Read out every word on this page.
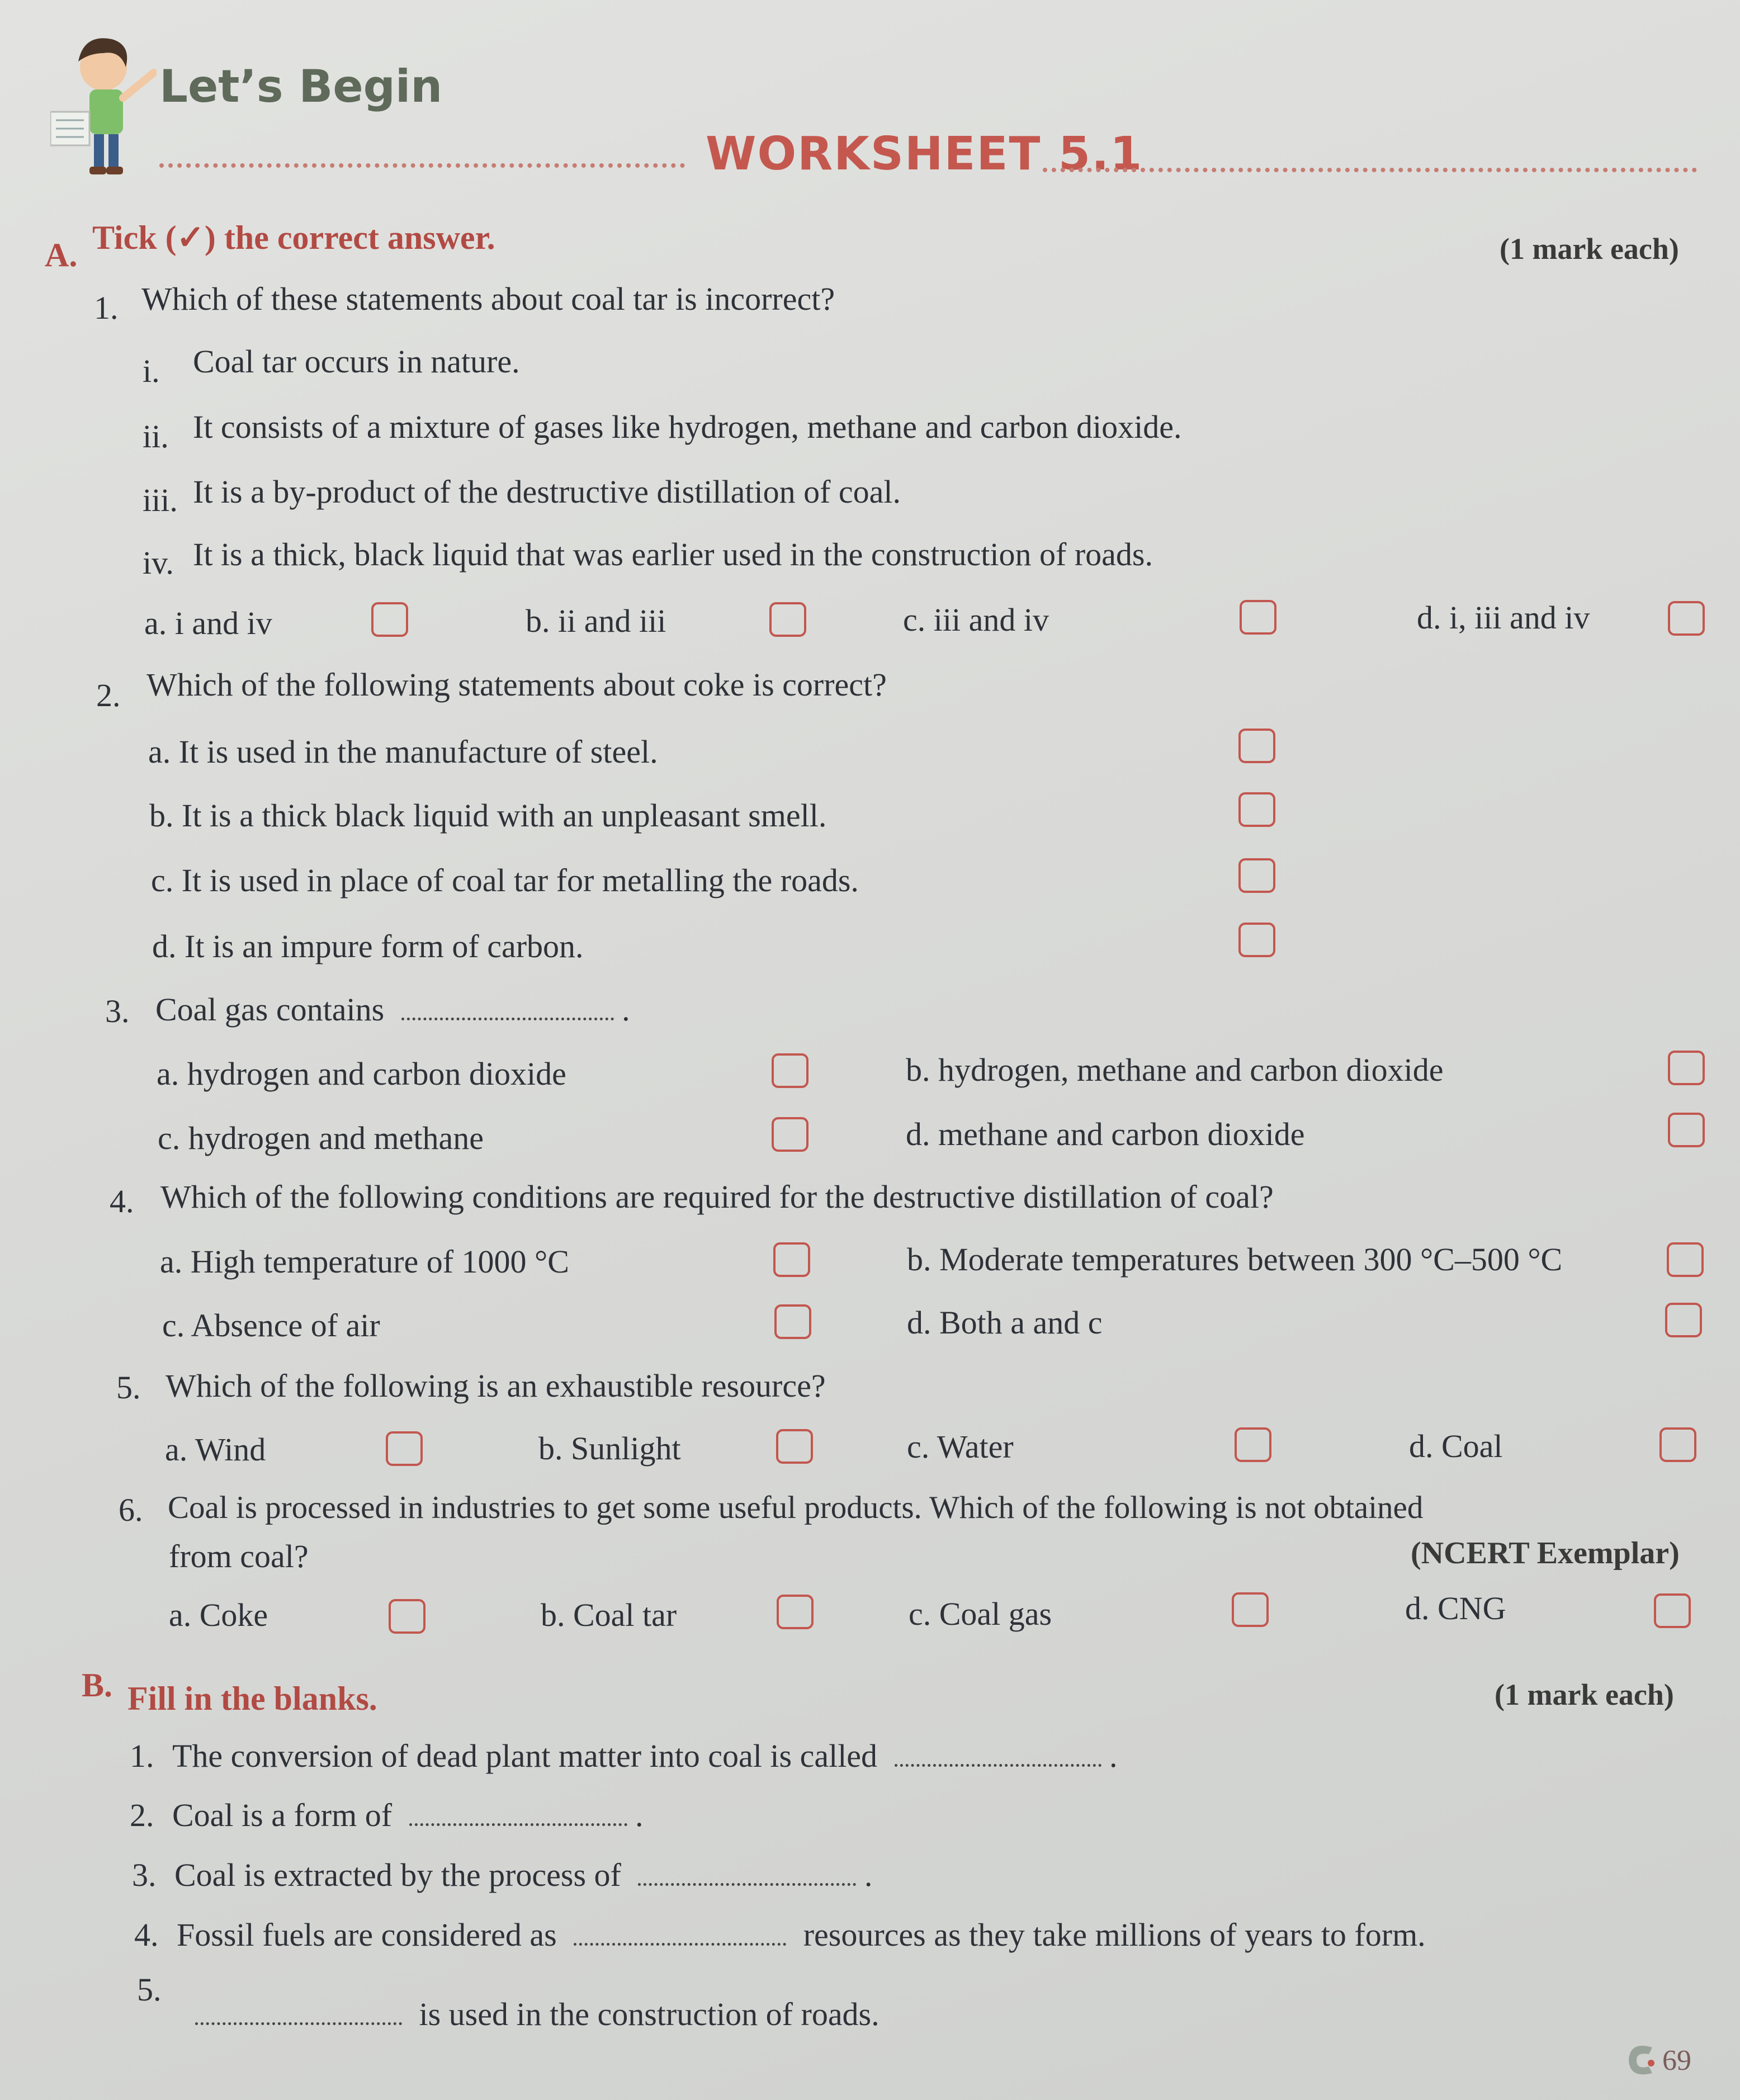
Let’s Begin
WORKSHEET 5.1
A. Tick (✓) the correct answer.	(1 mark each)
1. Which of these statements about coal tar is incorrect?
i. Coal tar occurs in nature.
ii. It consists of a mixture of gases like hydrogen, methane and carbon dioxide.
iii. It is a by-product of the destructive distillation of coal.
iv. It is a thick, black liquid that was earlier used in the construction of roads.
a. i and iv	b. ii and iii	c. iii and iv	d. i, iii and iv
2. Which of the following statements about coke is correct?
a. It is used in the manufacture of steel.
b. It is a thick black liquid with an unpleasant smell.
c. It is used in place of coal tar for metalling the roads.
d. It is an impure form of carbon.
3. Coal gas contains	.
a. hydrogen and carbon dioxide	b. hydrogen, methane and carbon dioxide
c. hydrogen and methane	d. methane and carbon dioxide
4. Which of the following conditions are required for the destructive distillation of coal?
a. High temperature of 1000 °C	b. Moderate temperatures between 300 °C–500 °C
c. Absence of air	d. Both a and c
5. Which of the following is an exhaustible resource?
a. Wind	b. Sunlight	c. Water	d. Coal
6. Coal is processed in industries to get some useful products. Which of the following is not obtained
from coal?	(NCERT Exemplar)
a. Coke	b. Coal tar	c. Coal gas	d. CNG
B. Fill in the blanks.	(1 mark each)
1. The conversion of dead plant matter into coal is called	.
2. Coal is a form of	.
3. Coal is extracted by the process of	.
4. Fossil fuels are considered as	resources as they take millions of years to form.
5.  is used in the construction of roads.
69
